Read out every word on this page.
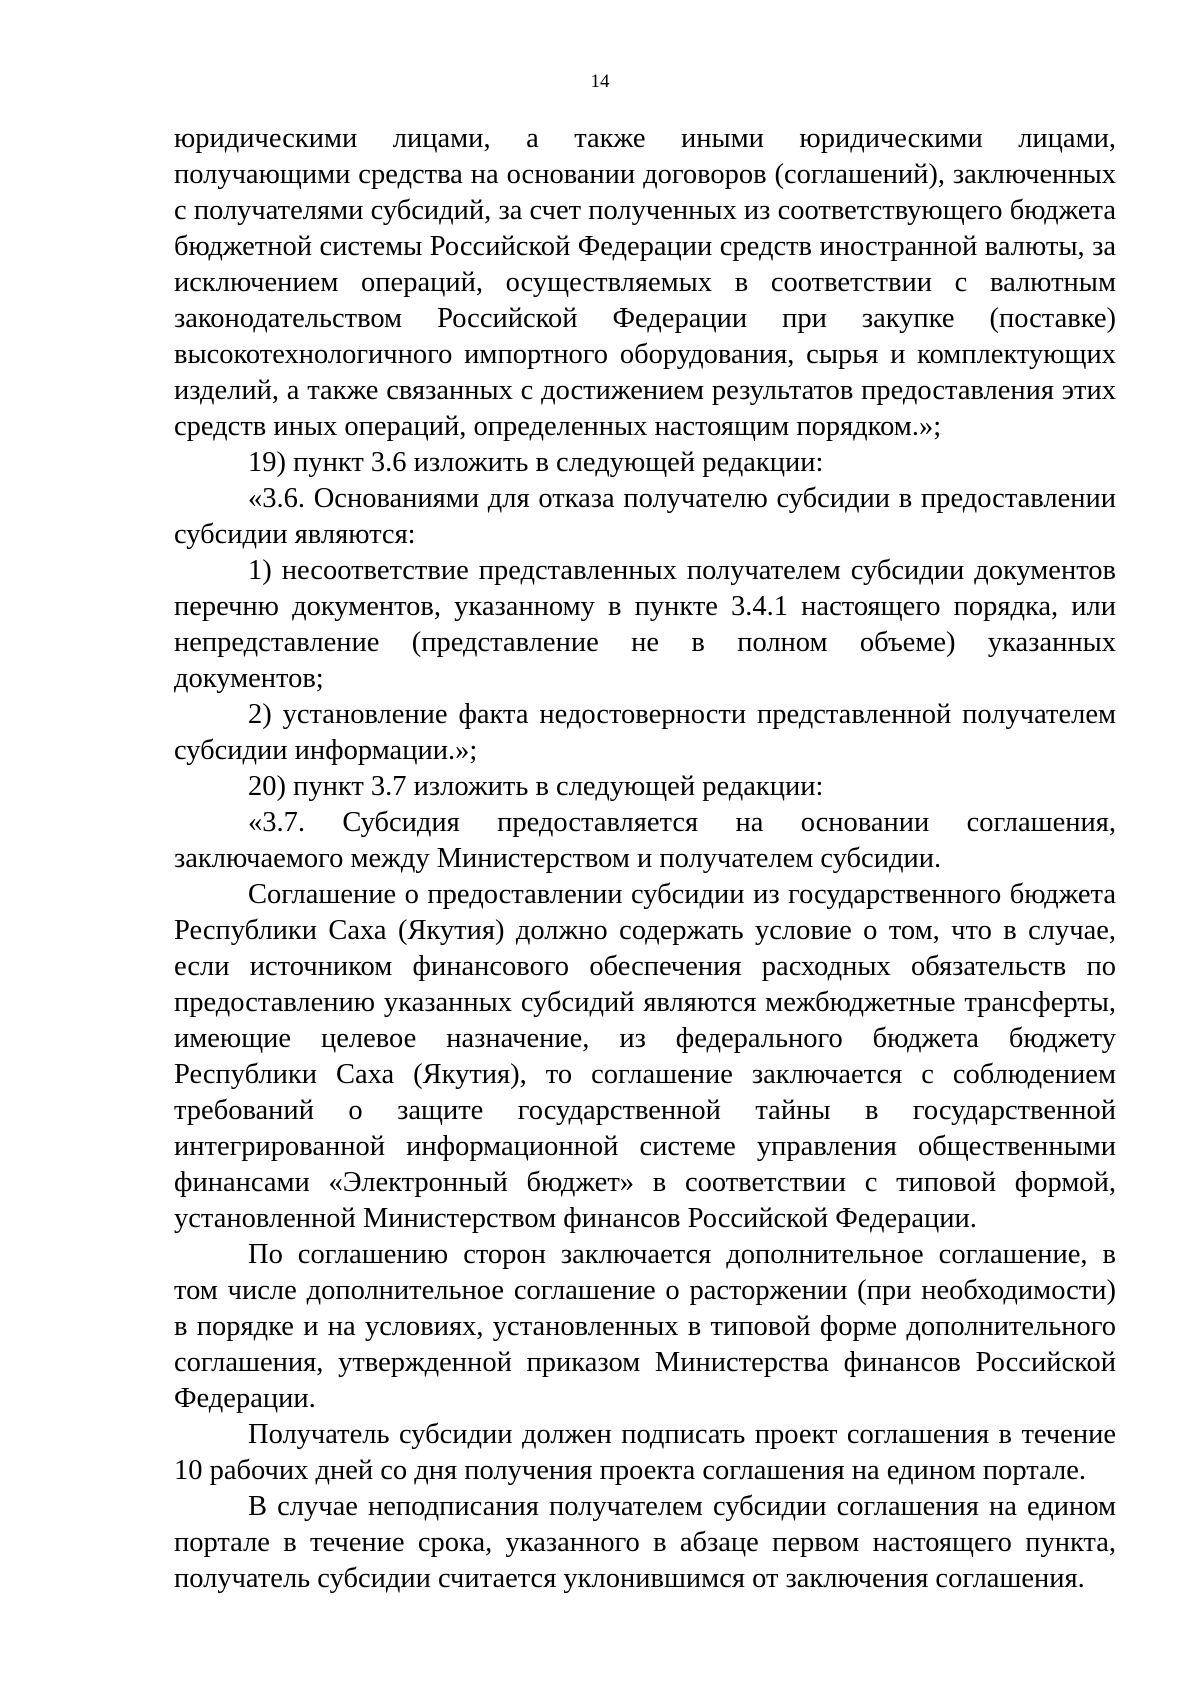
14

юридическими лицами, а также иными юридическими лицами, получающими средства на основании договоров (соглашений), заключенных с получателями субсидий, за счет полученных из соответствующего бюджета бюджетной системы Российской Федерации средств иностранной валюты, за исключением операций, осуществляемых в соответствии с валютным законодательством Российской Федерации при закупке (поставке) высокотехнологичного импортного оборудования, сырья и комплектующих изделий, а также связанных с достижением результатов предоставления этих средств иных операций, определенных настоящим порядком.»;

19) пункт 3.6 изложить в следующей редакции:

«3.6. Основаниями для отказа получателю субсидии в предоставлении субсидии являются:

1) несоответствие представленных получателем субсидии документов перечню документов, указанному в пункте 3.4.1 настоящего порядка, или непредставление (представление не в полном объеме) указанных документов;

2) установление факта недостоверности представленной получателем субсидии информации.»;

20) пункт 3.7 изложить в следующей редакции:

«3.7. Субсидия предоставляется на основании соглашения, заключаемого между Министерством и получателем субсидии.

Соглашение о предоставлении субсидии из государственного бюджета Республики Саха (Якутия) должно содержать условие о том, что в случае, если источником финансового обеспечения расходных обязательств по предоставлению указанных субсидий являются межбюджетные трансферты, имеющие целевое назначение, из федерального бюджета бюджету Республики Саха (Якутия), то соглашение заключается с соблюдением требований о защите государственной тайны в государственной интегрированной информационной системе управления общественными финансами «Электронный бюджет» в соответствии с типовой формой, установленной Министерством финансов Российской Федерации.

По соглашению сторон заключается дополнительное соглашение, в том числе дополнительное соглашение о расторжении (при необходимости) в порядке и на условиях, установленных в типовой форме дополнительного соглашения, утвержденной приказом Министерства финансов Российской Федерации.

Получатель субсидии должен подписать проект соглашения в течение 10 рабочих дней со дня получения проекта соглашения на едином портале.

В случае неподписания получателем субсидии соглашения на едином портале в течение срока, указанного в абзаце первом настоящего пункта, получатель субсидии считается уклонившимся от заключения соглашения.
